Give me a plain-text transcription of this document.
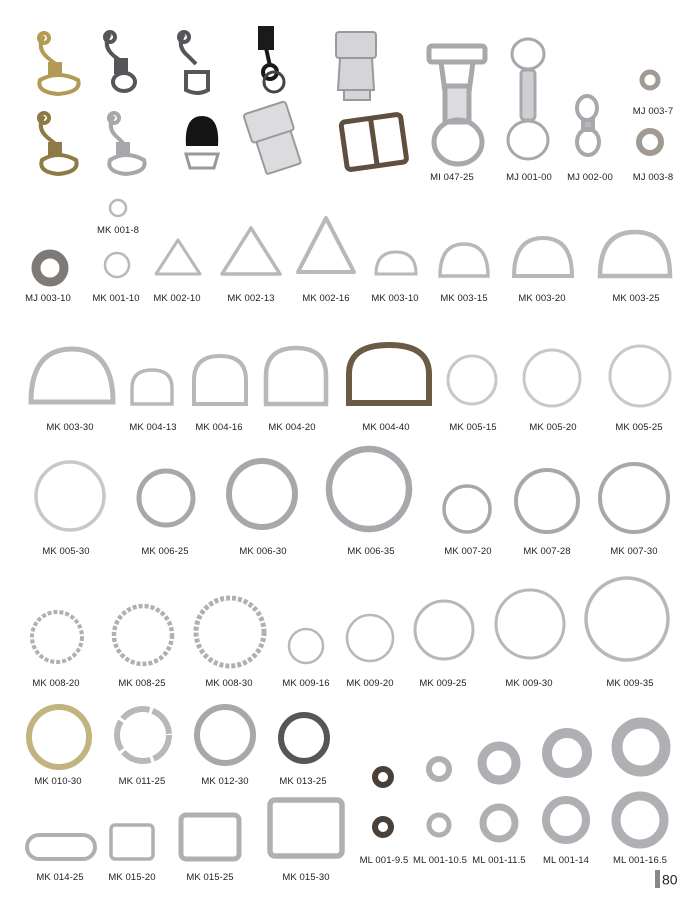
MI 047-25	MJ 001-00 MJ 002-00
MJ 003-7
MJ 003-8
MK 001-8
MJ 003-10 MK 001-10 MK 002-10	MK 002-13	MK 002-16 MK 003-10 MK 003-15	MK 003-20	MK 003-25
MK 003-30	MK 004-13 MK 004-16	MK 004-20	MK 004-40	MK 005-15	MK 005-20	MK 005-25
MK 005-30	MK 006-25	MK 006-30	MK 006-35	MK 007-20	MK 007-28	MK 007-30
MK 008-20	MK 008-25	MK 008-30	MK 009-16 MK 009-20	MK 009-25	MK 009-30	MK 009-35
MK 010-30	MK 011-25	MK 012-30	MK 013-25
ML 001-9.5 ML 001-10.5 ML 001-11.5 ML 001-14	ML 001-16.5
MK 014-25	MK 015-20	MK 015-25	MK 015-30	80
